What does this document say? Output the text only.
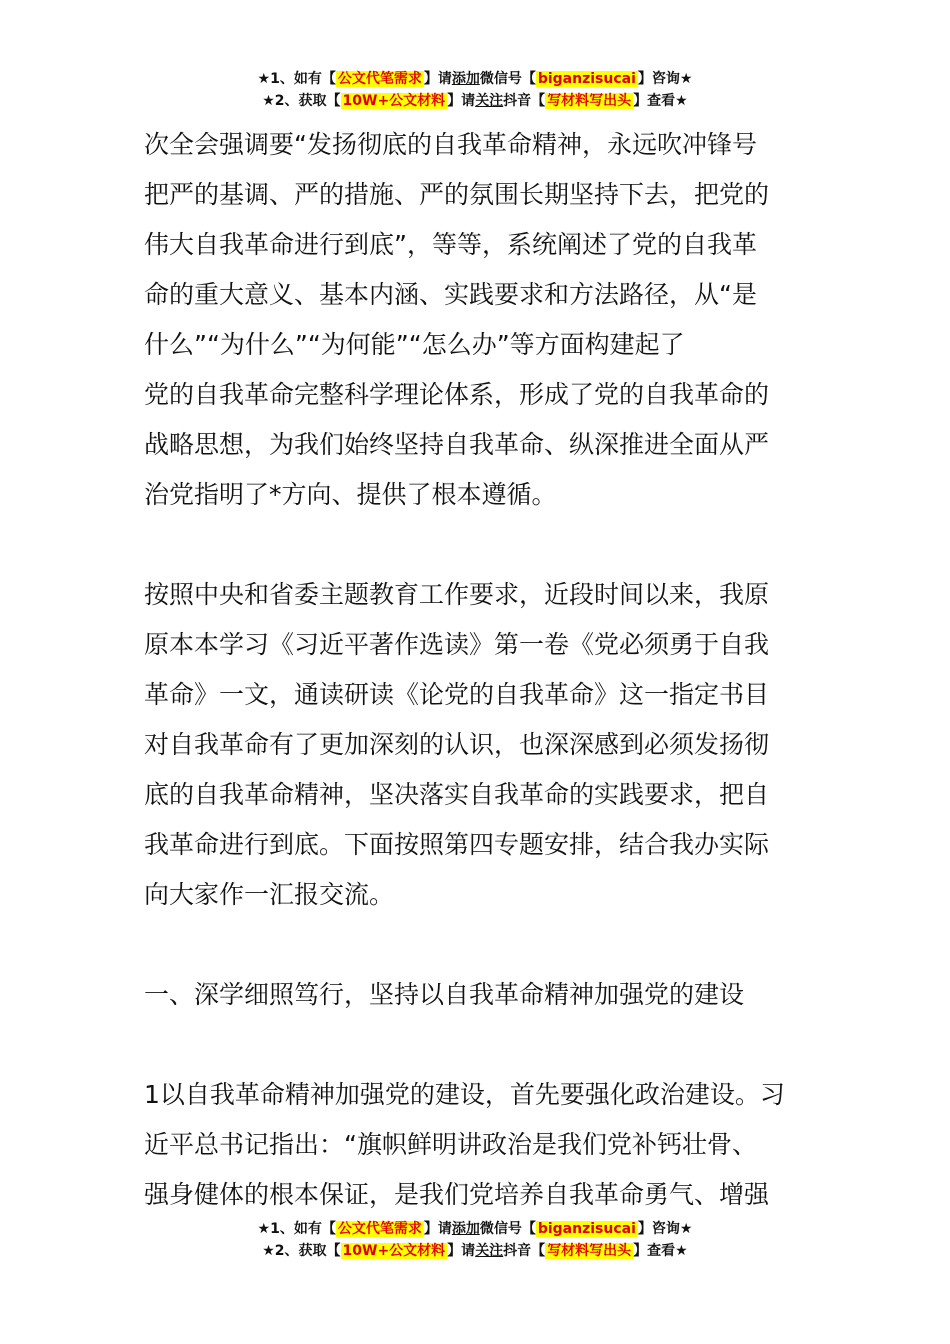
★1、如有【 公文代笔需求 】请添加微信号【 biganzisucai 】咨询★
★2、获取【 10W+公文材料 】请关注抖音【 写材料写出头 】查看★
次全会强调要“发扬彻底的自我革命精神，永远吹冲锋号
把严的基调、严的措施、严的氛围长期坚持下去，把党的
伟大自我革命进行到底”，等等，系统阐述了党的自我革
命的重大意义、基本内涵、实践要求和方法路径，从“是
什么”“为什么”“为何能”“怎么办”等方面构建起了
党的自我革命完整科学理论体系，形成了党的自我革命的
战略思想，为我们始终坚持自我革命、纵深推进全面从严
治党指明了*方向、提供了根本遵循。
按照中央和省委主题教育工作要求，近段时间以来，我原
原本本学习《习近平著作选读》第一卷《党必须勇于自我
革命》一文，通读研读《论党的自我革命》这一指定书目
对自我革命有了更加深刻的认识，也深深感到必须发扬彻
底的自我革命精神，坚决落实自我革命的实践要求，把自
我革命进行到底。下面按照第四专题安排，结合我办实际
向大家作一汇报交流。
一、深学细照笃行，坚持以自我革命精神加强党的建设
1以自我革命精神加强党的建设，首先要强化政治建设。习
近平总书记指出：“旗帜鲜明讲政治是我们党补钙壮骨、
强身健体的根本保证，是我们党培养自我革命勇气、增强
★1、如有【 公文代笔需求 】请添加微信号【 biganzisucai 】咨询★
★2、获取【 10W+公文材料 】请关注抖音【 写材料写出头 】查看★
